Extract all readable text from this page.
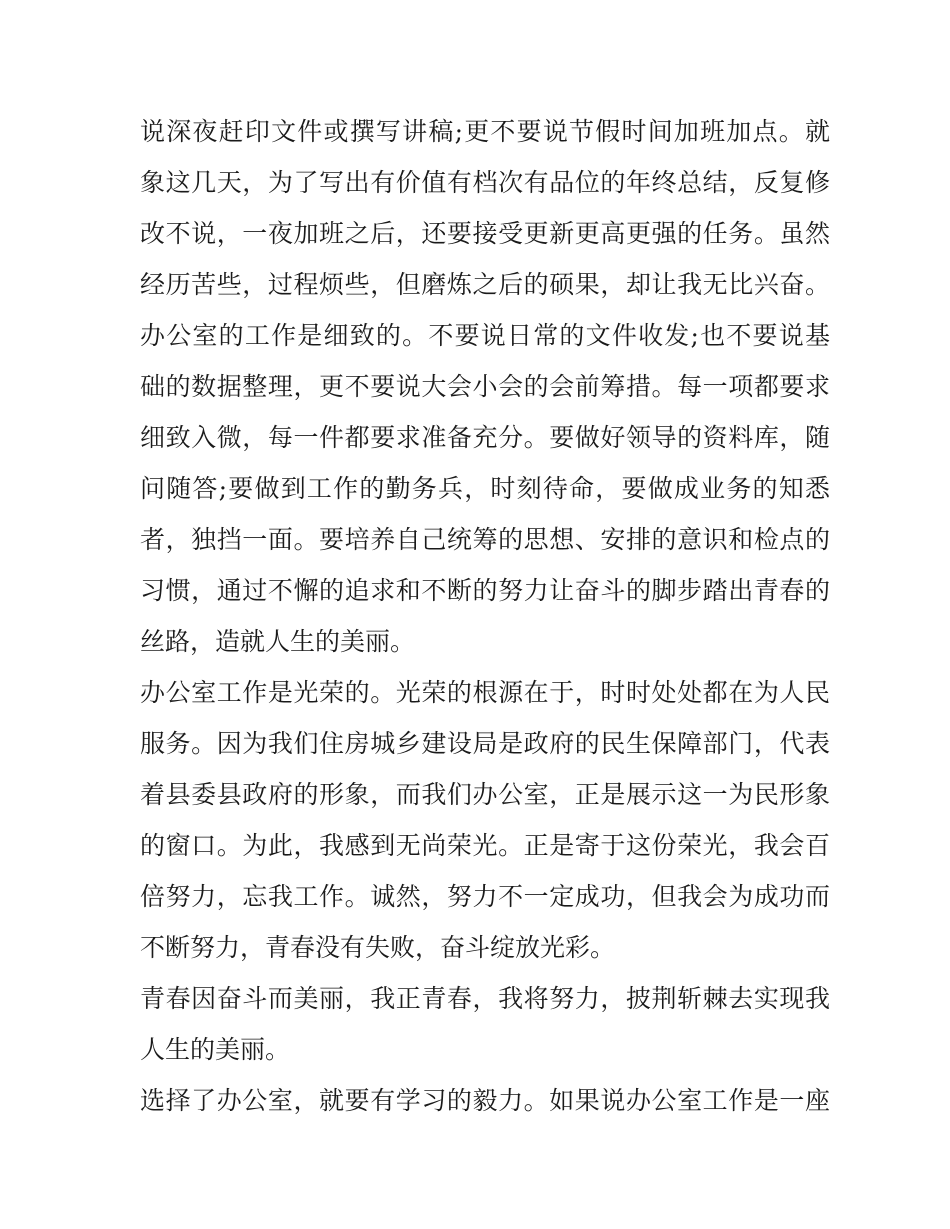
说深夜赶印文件或撰写讲稿;更不要说节假时间加班加点。就
象这几天，为了写出有价值有档次有品位的年终总结，反复修
改不说，一夜加班之后，还要接受更新更高更强的任务。虽然
经历苦些，过程烦些，但磨炼之后的硕果，却让我无比兴奋。
办公室的工作是细致的。不要说日常的文件收发;也不要说基
础的数据整理，更不要说大会小会的会前筹措。每一项都要求
细致入微，每一件都要求准备充分。要做好领导的资料库，随
问随答;要做到工作的勤务兵，时刻待命，要做成业务的知悉
者，独挡一面。要培养自己统筹的思想、安排的意识和检点的
习惯，通过不懈的追求和不断的努力让奋斗的脚步踏出青春的
丝路，造就人生的美丽。
办公室工作是光荣的。光荣的根源在于，时时处处都在为人民
服务。因为我们住房城乡建设局是政府的民生保障部门，代表
着县委县政府的形象，而我们办公室，正是展示这一为民形象
的窗口。为此，我感到无尚荣光。正是寄于这份荣光，我会百
倍努力，忘我工作。诚然，努力不一定成功，但我会为成功而
不断努力，青春没有失败，奋斗绽放光彩。
青春因奋斗而美丽，我正青春，我将努力，披荆斩棘去实现我
人生的美丽。
选择了办公室，就要有学习的毅力。如果说办公室工作是一座
